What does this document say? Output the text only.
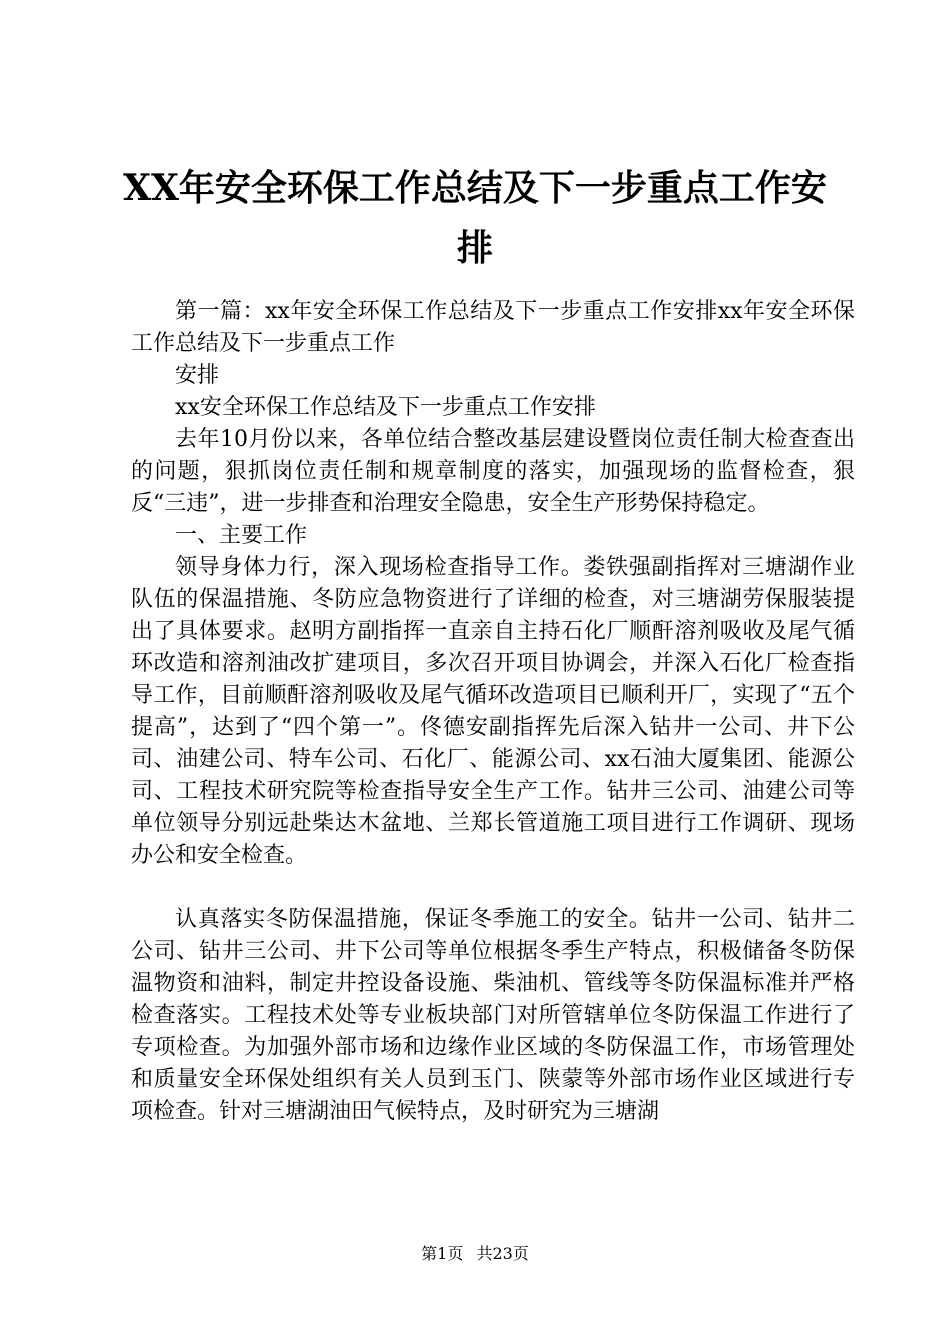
XX年安全环保工作总结及下一步重点工作安排

第一篇：xx年安全环保工作总结及下一步重点工作安排xx年安全环保工作总结及下一步重点工作

安排

xx安全环保工作总结及下一步重点工作安排

去年10月份以来，各单位结合整改基层建设暨岗位责任制大检查查出的问题，狠抓岗位责任制和规章制度的落实，加强现场的监督检查，狠反“三违”，进一步排查和治理安全隐患，安全生产形势保持稳定。

一、主要工作

领导身体力行，深入现场检查指导工作。娄铁强副指挥对三塘湖作业队伍的保温措施、冬防应急物资进行了详细的检查，对三塘湖劳保服装提出了具体要求。赵明方副指挥一直亲自主持石化厂顺酐溶剂吸收及尾气循环改造和溶剂油改扩建项目，多次召开项目协调会，并深入石化厂检查指导工作，目前顺酐溶剂吸收及尾气循环改造项目已顺利开厂，实现了“五个提高”，达到了“四个第一”。佟德安副指挥先后深入钻井一公司、井下公司、油建公司、特车公司、石化厂、能源公司、xx石油大厦集团、能源公司、工程技术研究院等检查指导安全生产工作。钻井三公司、油建公司等单位领导分别远赴柴达木盆地、兰郑长管道施工项目进行工作调研、现场办公和安全检查。

认真落实冬防保温措施，保证冬季施工的安全。钻井一公司、钻井二公司、钻井三公司、井下公司等单位根据冬季生产特点，积极储备冬防保温物资和油料，制定井控设备设施、柴油机、管线等冬防保温标准并严格检查落实。工程技术处等专业板块部门对所管辖单位冬防保温工作进行了专项检查。为加强外部市场和边缘作业区域的冬防保温工作，市场管理处和质量安全环保处组织有关人员到玉门、陕蒙等外部市场作业区域进行专项检查。针对三塘湖油田气候特点，及时研究为三塘湖

第1页 共23页
